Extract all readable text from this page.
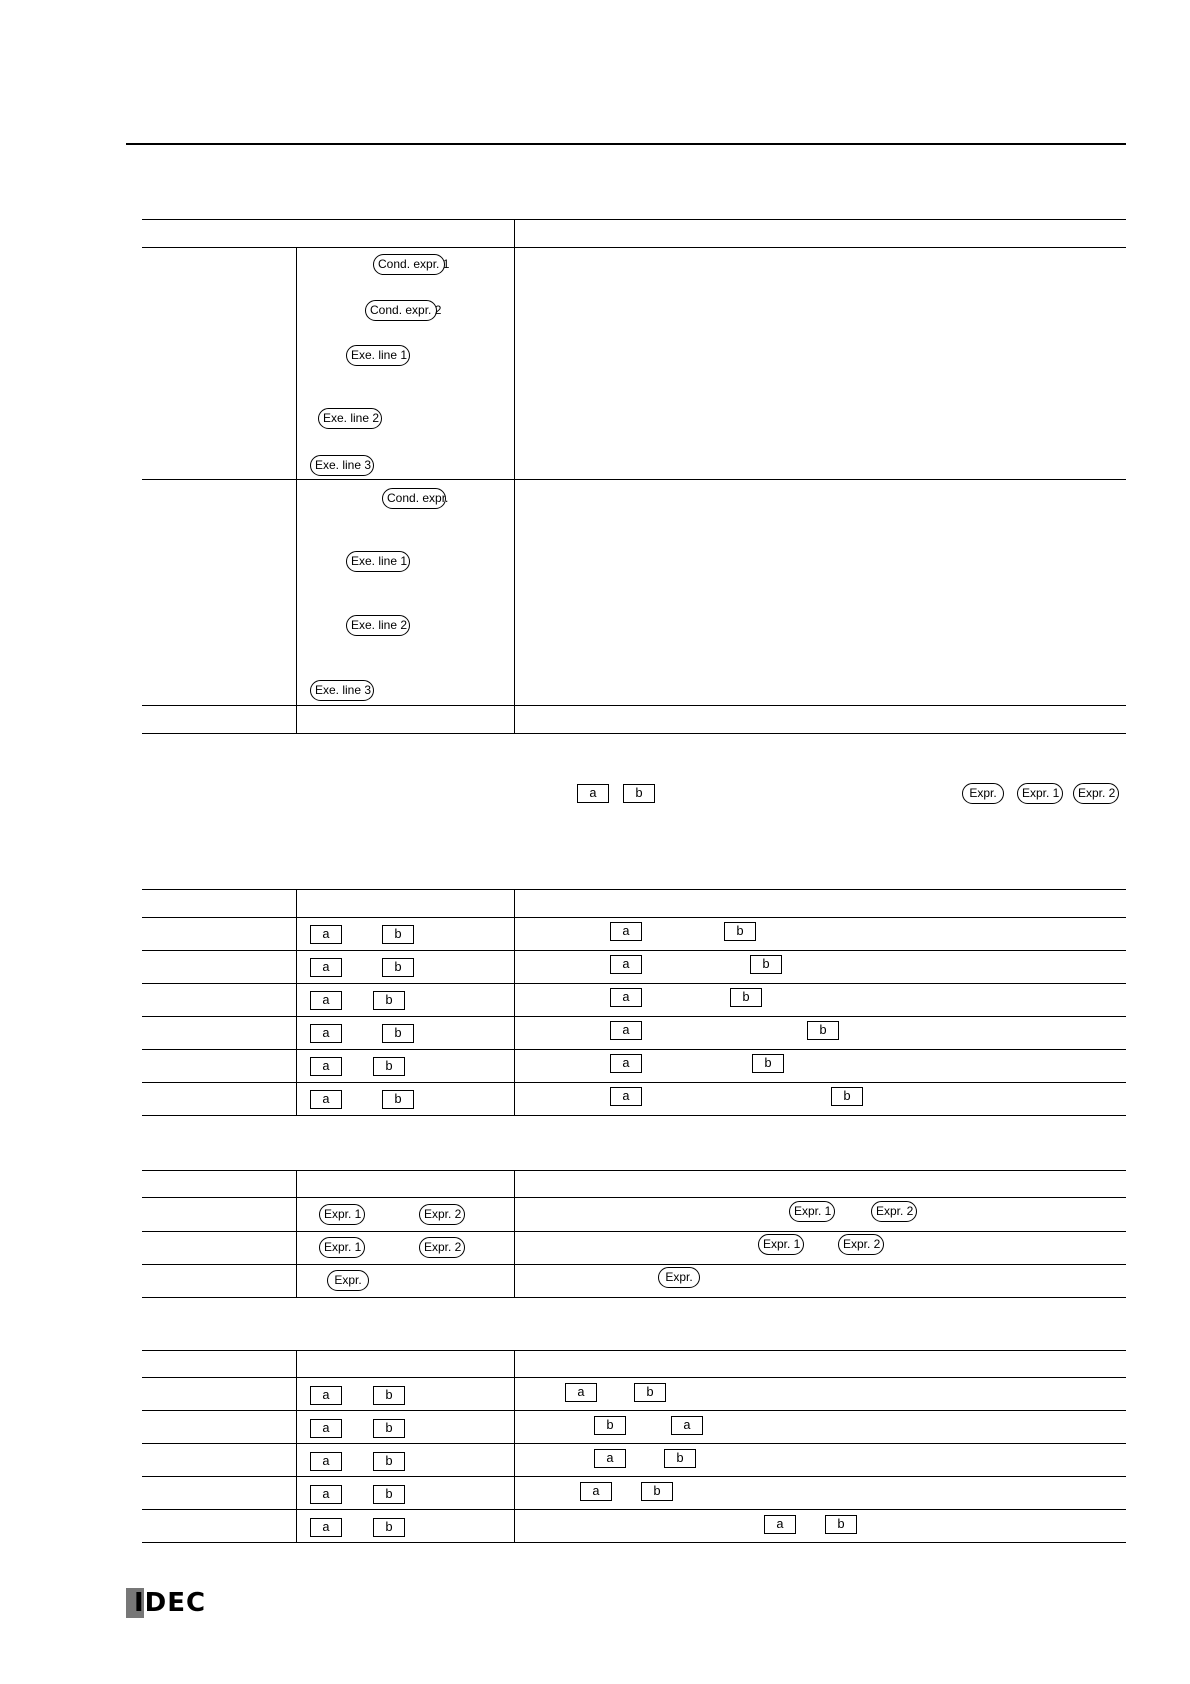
Cond. expr. 1
Cond. expr. 2
Exe. line 1
Exe. line 2
Exe. line 3
Cond. expr.
Exe. line 1
Exe. line 2
Exe. line 3
a	b	Expr.	Expr. 1	Expr. 2
a	b	a	b
a	b	a	b
a	b	a	b
a	b	a	b
a	b	a	b
a	b	a	b
Expr. 1	Expr. 2	Expr. 1	Expr. 2
Expr. 1	Expr. 2	Expr. 1	Expr. 2
Expr.	Expr.
a	b	a	b
a	b	b	a
a	b	a	b
a	b	a	b
a	b	a	b
IDEC
